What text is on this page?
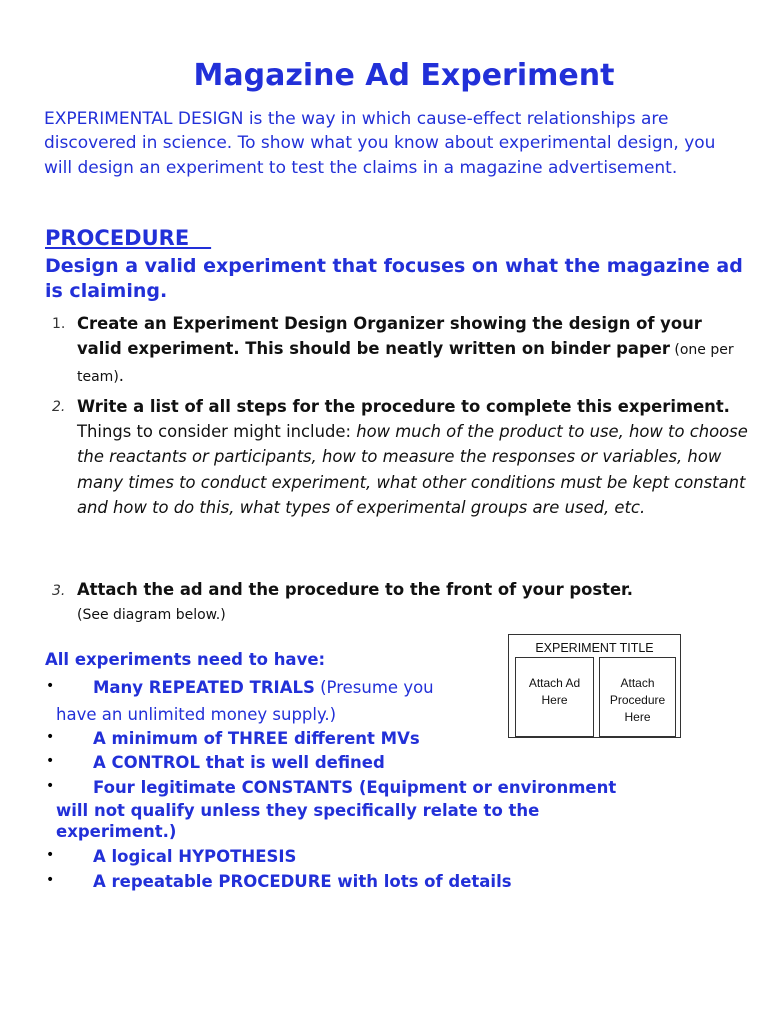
Magazine Ad Experiment

EXPERIMENTAL DESIGN is the way in which cause-effect relationships are discovered in science. To show what you know about experimental design, you will design an experiment to test the claims in a magazine advertisement.

PROCEDURE

Design a valid experiment that focuses on what the magazine ad is claiming.

1. Create an Experiment Design Organizer showing the design of your valid experiment. This should be neatly written on binder paper (one per team).
2. Write a list of all steps for the procedure to complete this experiment. Things to consider might include: how much of the product to use, how to choose the reactants or participants, how to measure the responses or variables, how many times to conduct experiment, what other conditions must be kept constant and how to do this, what types of experimental groups are used, etc.
3. Attach the ad and the procedure to the front of your poster.
(See diagram below.)
EXPERIMENT TITLE
Attach Ad
Here
Attach
Procedure
Here
All experiments need to have:
• Many REPEATED TRIALS (Presume you
have an unlimited money supply.)
• A minimum of THREE different MVs
• A CONTROL that is well defined
• Four legitimate CONSTANTS (Equipment or environment
will not qualify unless they specifically relate to the
experiment.)
• A logical HYPOTHESIS
• A repeatable PROCEDURE with lots of details
